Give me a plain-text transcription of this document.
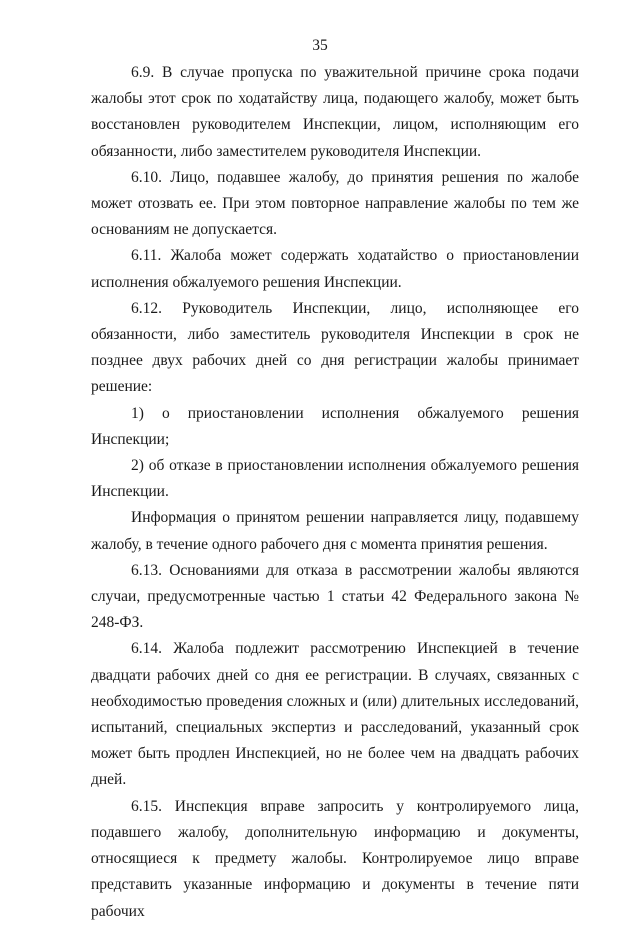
35

6.9. В случае пропуска по уважительной причине срока подачи жалобы этот срок по ходатайству лица, подающего жалобу, может быть восстановлен руководителем Инспекции, лицом, исполняющим его обязанности, либо заместителем руководителя Инспекции.

6.10. Лицо, подавшее жалобу, до принятия решения по жалобе может отозвать ее. При этом повторное направление жалобы по тем же основаниям не допускается.

6.11. Жалоба может содержать ходатайство о приостановлении исполнения обжалуемого решения Инспекции.

6.12. Руководитель Инспекции, лицо, исполняющее его обязанности, либо заместитель руководителя Инспекции в срок не позднее двух рабочих дней со дня регистрации жалобы принимает решение:

1) о приостановлении исполнения обжалуемого решения Инспекции;

2) об отказе в приостановлении исполнения обжалуемого решения Инспекции.

Информация о принятом решении направляется лицу, подавшему жалобу, в течение одного рабочего дня с момента принятия решения.

6.13. Основаниями для отказа в рассмотрении жалобы являются случаи, предусмотренные частью 1 статьи 42 Федерального закона № 248-ФЗ.

6.14. Жалоба подлежит рассмотрению Инспекцией в течение двадцати рабочих дней со дня ее регистрации. В случаях, связанных с необходимостью проведения сложных и (или) длительных исследований, испытаний, специальных экспертиз и расследований, указанный срок может быть продлен Инспекцией, но не более чем на двадцать рабочих дней.

6.15. Инспекция вправе запросить у контролируемого лица, подавшего жалобу, дополнительную информацию и документы, относящиеся к предмету жалобы. Контролируемое лицо вправе представить указанные информацию и документы в течение пяти рабочих
